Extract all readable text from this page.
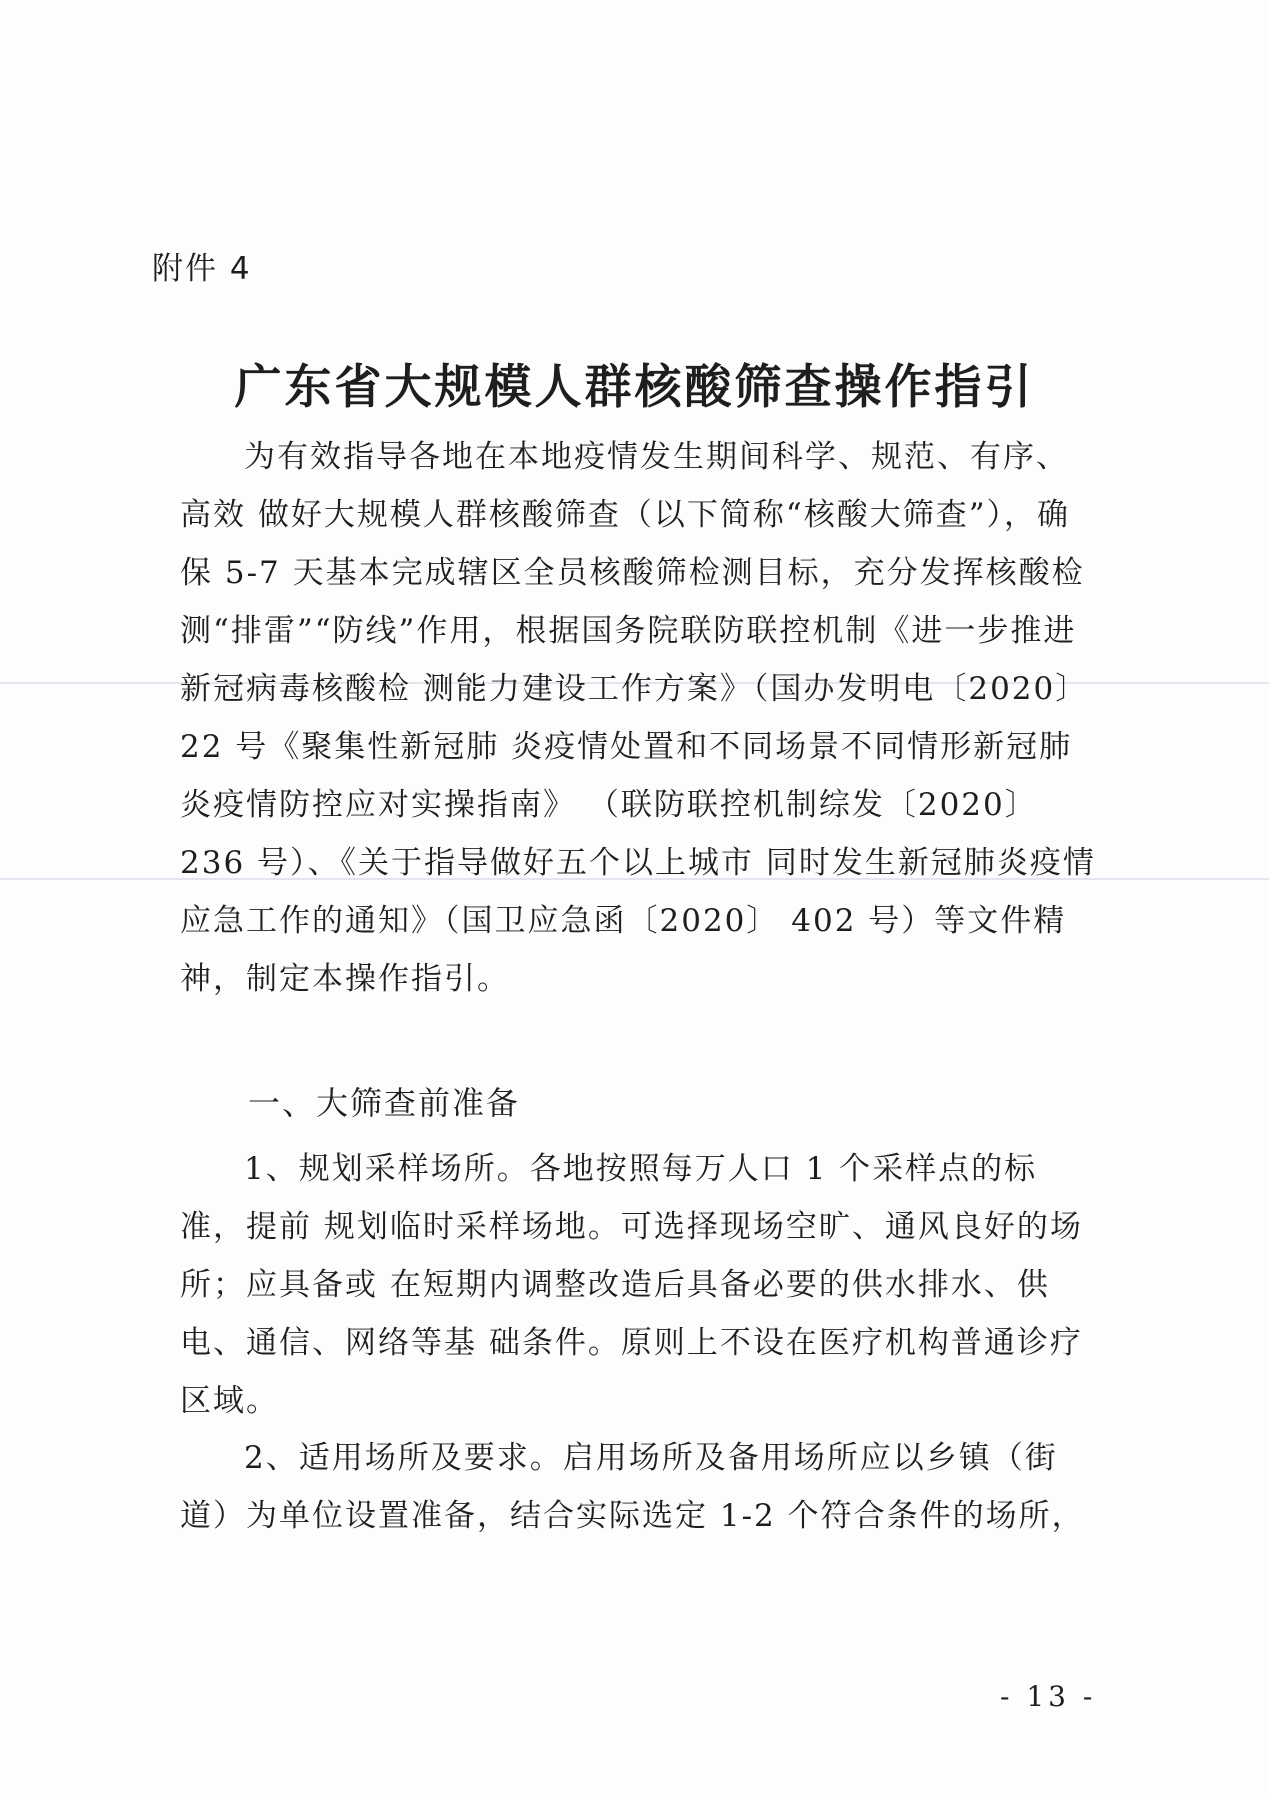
附件 4
广东省大规模人群核酸筛查操作指引

为有效指导各地在本地疫情发生期间科学、规范、有序、高效 做好大规模人群核酸筛查（以下简称“核酸大筛查”），确保 5-7 天基本完成辖区全员核酸筛检测目标，充分发挥核酸检测“排雷”“防线”作用，根据国务院联防联控机制《进一步推进新冠病毒核酸检 测能力建设工作方案》（国办发明电〔2020〕 22 号《聚集性新冠肺 炎疫情处置和不同场景不同情形新冠肺炎疫情防控应对实操指南》 （联防联控机制综发〔2020〕 236 号）、《关于指导做好五个以上城市 同时发生新冠肺炎疫情应急工作的通知》（国卫应急函〔2020〕 402 号）等文件精神，制定本操作指引。

一、大筛查前准备

1、规划采样场所。各地按照每万人口 1 个采样点的标准，提前 规划临时采样场地。可选择现场空旷、通风良好的场所；应具备或 在短期内调整改造后具备必要的供水排水、供电、通信、网络等基 础条件。原则上不设在医疗机构普通诊疗区域。

2、适用场所及要求。启用场所及备用场所应以乡镇（街道）为单位设置准备，结合实际选定 1-2 个符合条件的场所，

- 13 -
